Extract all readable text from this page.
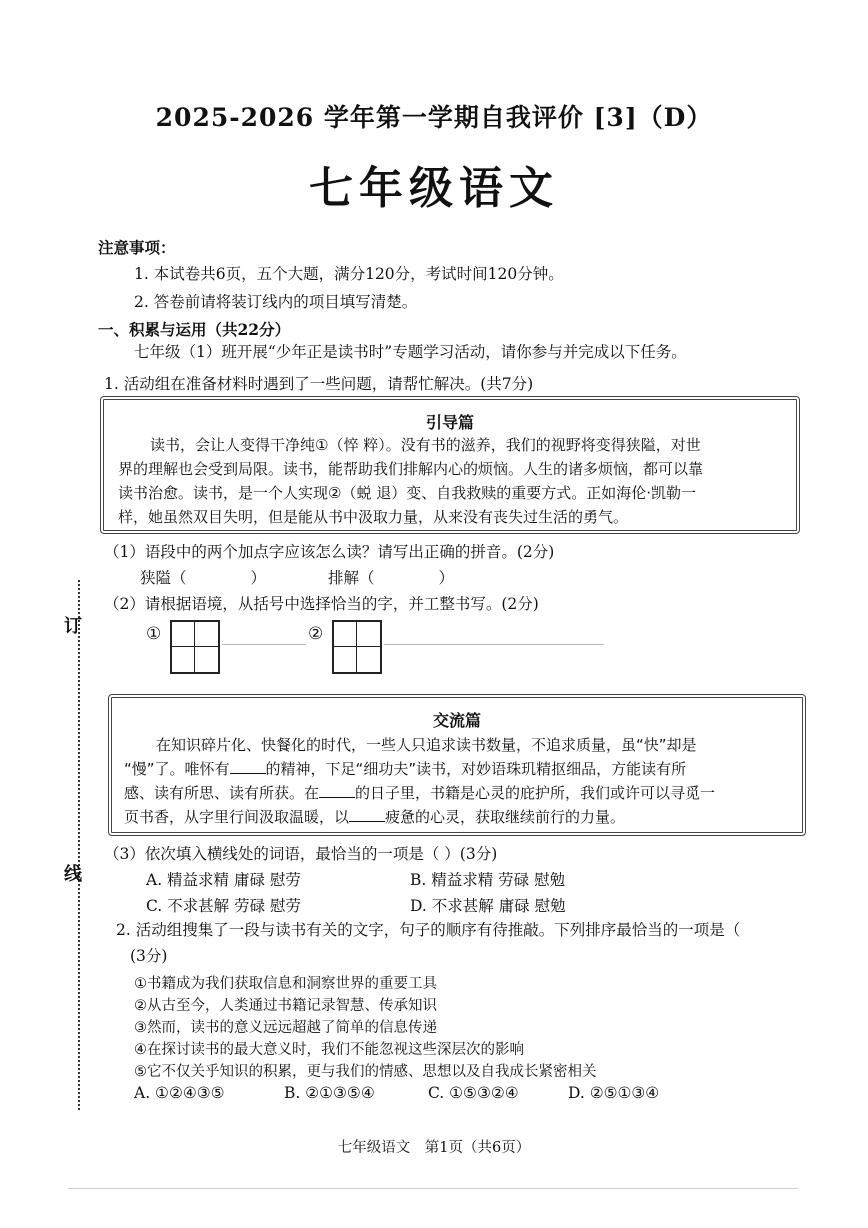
订
线
2025-2026 学年第一学期自我评价 [3]（D）
七年级语文
注意事项：
1. 本试卷共6页，五个大题，满分120分，考试时间120分钟。
2. 答卷前请将装订线内的项目填写清楚。
一、积累与运用（共22分）
七年级（1）班开展“少年正是读书时”专题学习活动，请你参与并完成以下任务。
1. 活动组在准备材料时遇到了一些问题，请帮忙解决。(共7分)
引导篇
读书，会让人变得干净纯①（悴 粹）。没有书的滋养，我们的视野将变得狭隘，对世
界的理解也会受到局限。读书，能帮助我们排解内心的烦恼。人生的诸多烦恼，都可以靠
读书治愈。读书，是一个人实现②（蜕 退）变、自我救赎的重要方式。正如海伦·凯勒一
样，她虽然双目失明，但是能从书中汲取力量，从来没有丧失过生活的勇气。
（1）语段中的两个加点字应该怎么读？请写出正确的拼音。(2分)
狭隘（	）	排解（	）
（2）请根据语境，从括号中选择恰当的字，并工整书写。(2分)
①	②
交流篇
在知识碎片化、快餐化的时代，一些人只追求读书数量，不追求质量，虽“快”却是
“慢”了。唯怀有 的精神，下足“细功夫”读书，对妙语珠玑精抠细品，方能读有所
感、读有所思、读有所获。在 的日子里，书籍是心灵的庇护所，我们或许可以寻觅一
页书香，从字里行间汲取温暖，以 疲惫的心灵，获取继续前行的力量。
（3）依次填入横线处的词语，最恰当的一项是（ ）(3分)
A. 精益求精 庸碌 慰劳	B. 精益求精 劳碌 慰勉
C. 不求甚解 劳碌 慰劳	D. 不求甚解 庸碌 慰勉
2. 活动组搜集了一段与读书有关的文字，句子的顺序有待推敲。下列排序最恰当的一项是（
(3分)
①书籍成为我们获取信息和洞察世界的重要工具
②从古至今，人类通过书籍记录智慧、传承知识
③然而，读书的意义远远超越了简单的信息传递
④在探讨读书的最大意义时，我们不能忽视这些深层次的影响
⑤它不仅关乎知识的积累，更与我们的情感、思想以及自我成长紧密相关
A. ①②④③⑤	B. ②①③⑤④	C. ①⑤③②④	D. ②⑤①③④
七年级语文　第1页（共6页）
